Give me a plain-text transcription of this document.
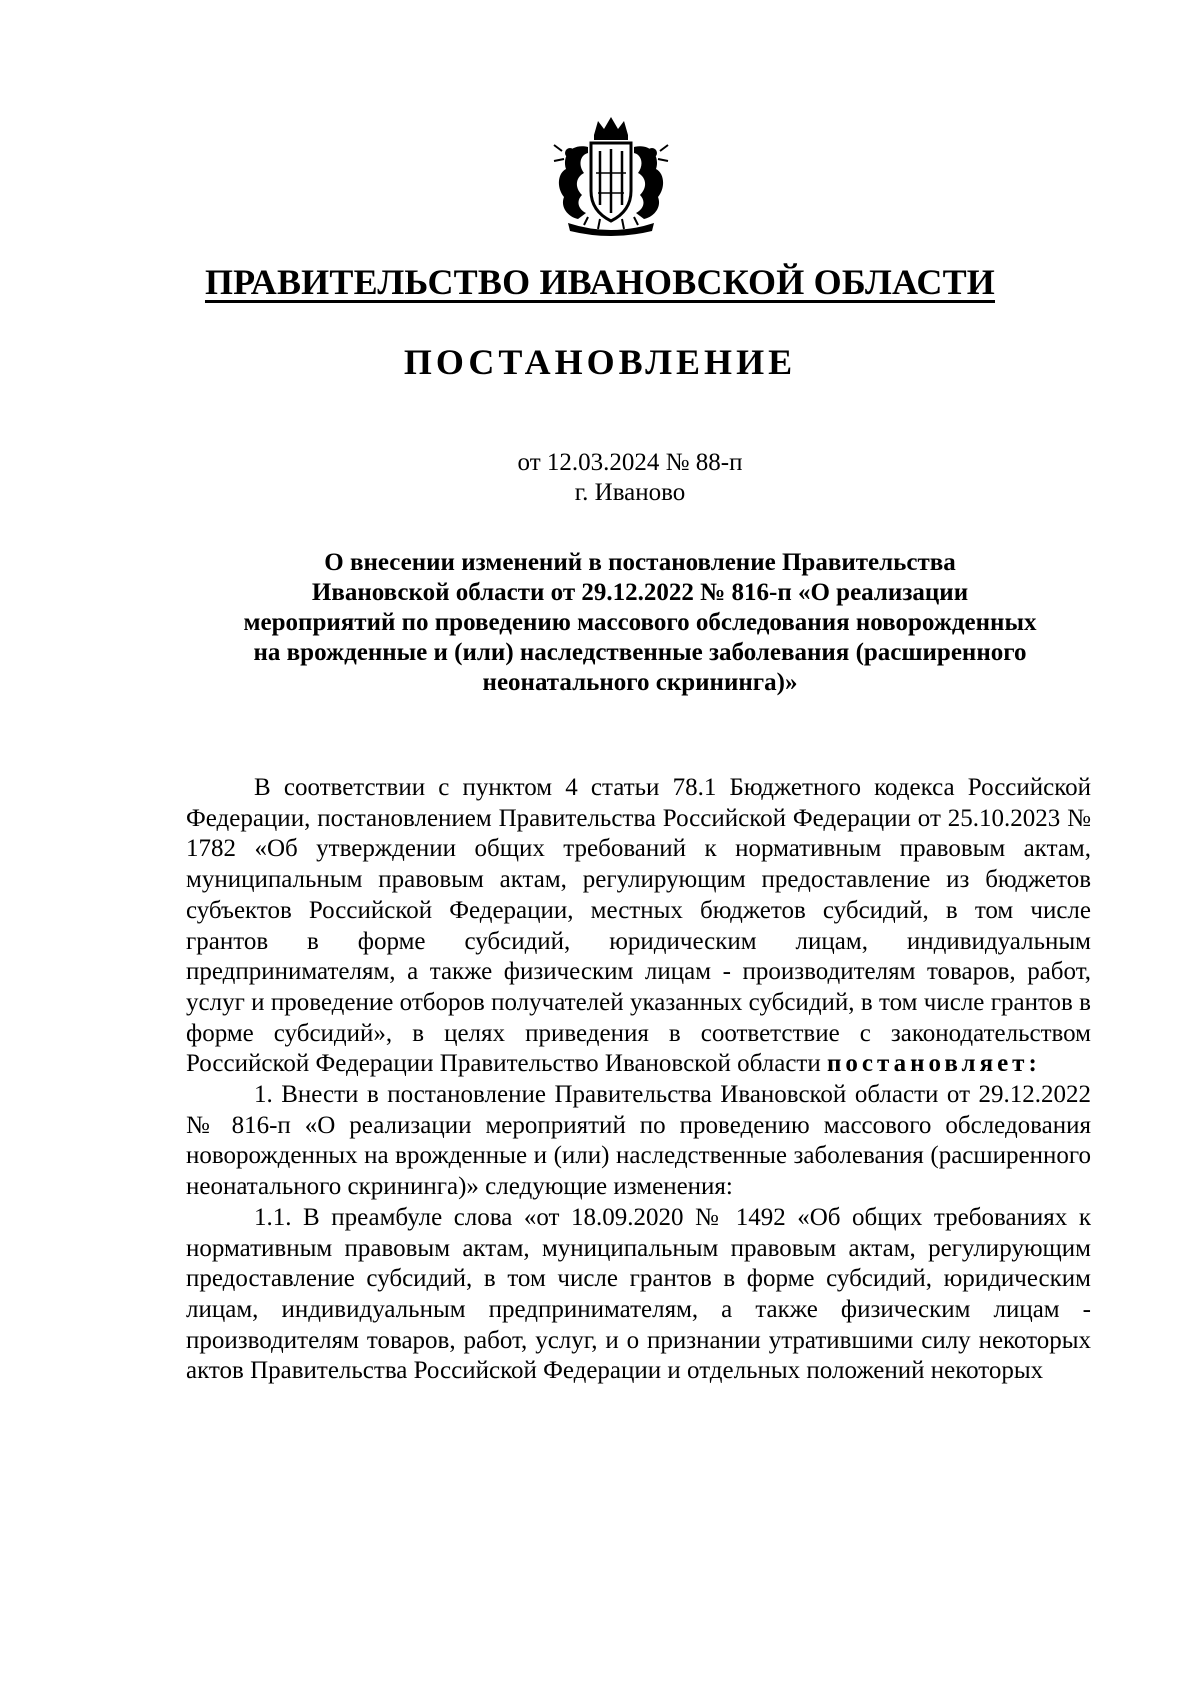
ПРАВИТЕЛЬСТВО ИВАНОВСКОЙ ОБЛАСТИ
ПОСТАНОВЛЕНИЕ
от 12.03.2024 № 88-п
г. Иваново
О внесении изменений в постановление Правительства
Ивановской области от 29.12.2022 № 816-п «О реализации
мероприятий по проведению массового обследования новорожденных
на врожденные и (или) наследственные заболевания (расширенного
неонатального скрининга)»

В соответствии с пунктом 4 статьи 78.1 Бюджетного кодекса Российской Федерации, постановлением Правительства Российской Федерации от 25.10.2023 № 1782 «Об утверждении общих требований к нормативным правовым актам, муниципальным правовым актам, регулирующим предоставление из бюджетов субъектов Российской Федерации, местных бюджетов субсидий, в том числе грантов в форме субсидий, юридическим лицам, индивидуальным предпринимателям, а также физическим лицам - производителям товаров, работ, услуг и проведение отборов получателей указанных субсидий, в том числе грантов в форме субсидий», в целях приведения в соответствие с законодательством Российской Федерации Правительство Ивановской области постановляет:

1. Внести в постановление Правительства Ивановской области от 29.12.2022 № 816-п «О реализации мероприятий по проведению массового обследования новорожденных на врожденные и (или) наследственные заболевания (расширенного неонатального скрининга)» следующие изменения:

1.1. В преамбуле слова «от 18.09.2020 № 1492 «Об общих требованиях к нормативным правовым актам, муниципальным правовым актам, регулирующим предоставление субсидий, в том числе грантов в форме субсидий, юридическим лицам, индивидуальным предпринимателям, а также физическим лицам - производителям товаров, работ, услуг, и о признании утратившими силу некоторых актов Правительства Российской Федерации и отдельных положений некоторых
